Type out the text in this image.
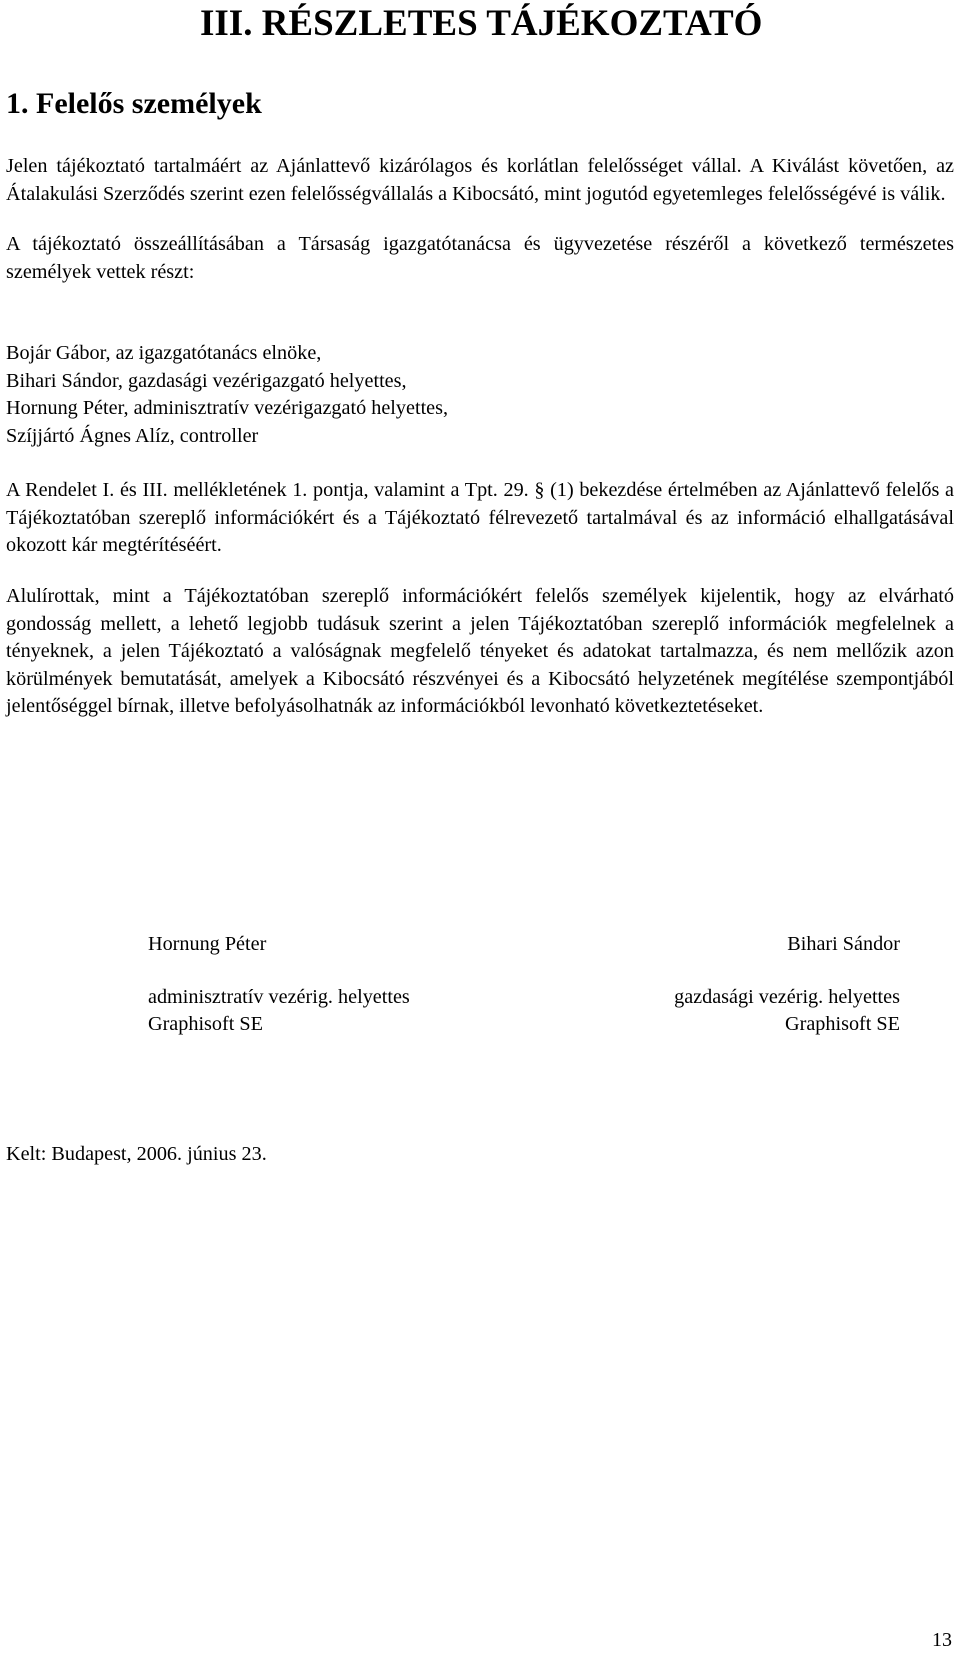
III. RÉSZLETES TÁJÉKOZTATÓ
1. Felelős személyek

Jelen tájékoztató tartalmáért az Ajánlattevő kizárólagos és korlátlan felelősséget vállal. A Kiválást követően, az Átalakulási Szerződés szerint ezen felelősségvállalás a Kibocsátó, mint jogutód egyetemleges felelősségévé is válik.

A tájékoztató összeállításában a Társaság igazgatótanácsa és ügyvezetése részéről a következő természetes személyek vettek részt:

Bojár Gábor, az igazgatótanács elnöke,
Bihari Sándor, gazdasági vezérigazgató helyettes,
Hornung Péter, adminisztratív vezérigazgató helyettes,
Szíjjártó Ágnes Alíz, controller

A Rendelet I. és III. mellékletének 1. pontja, valamint a Tpt. 29. § (1) bekezdése értelmében az Ajánlattevő felelős a Tájékoztatóban szereplő információkért és a Tájékoztató félrevezető tartalmával és az információ elhallgatásával okozott kár megtérítéséért.

Alulírottak, mint a Tájékoztatóban szereplő információkért felelős személyek kijelentik, hogy az elvárható gondosság mellett, a lehető legjobb tudásuk szerint a jelen Tájékoztatóban szereplő információk megfelelnek a tényeknek, a jelen Tájékoztató a valóságnak megfelelő tényeket és adatokat tartalmazza, és nem mellőzik azon körülmények bemutatását, amelyek a Kibocsátó részvényei és a Kibocsátó helyzetének megítélése szempontjából jelentőséggel bírnak, illetve befolyásolhatnák az információkból levonható következtetéseket.

Hornung Péter

adminisztratív vezérig. helyettes

Graphisoft SE

Bihari Sándor

gazdasági vezérig. helyettes

Graphisoft SE

Kelt: Budapest, 2006. június 23.

13
